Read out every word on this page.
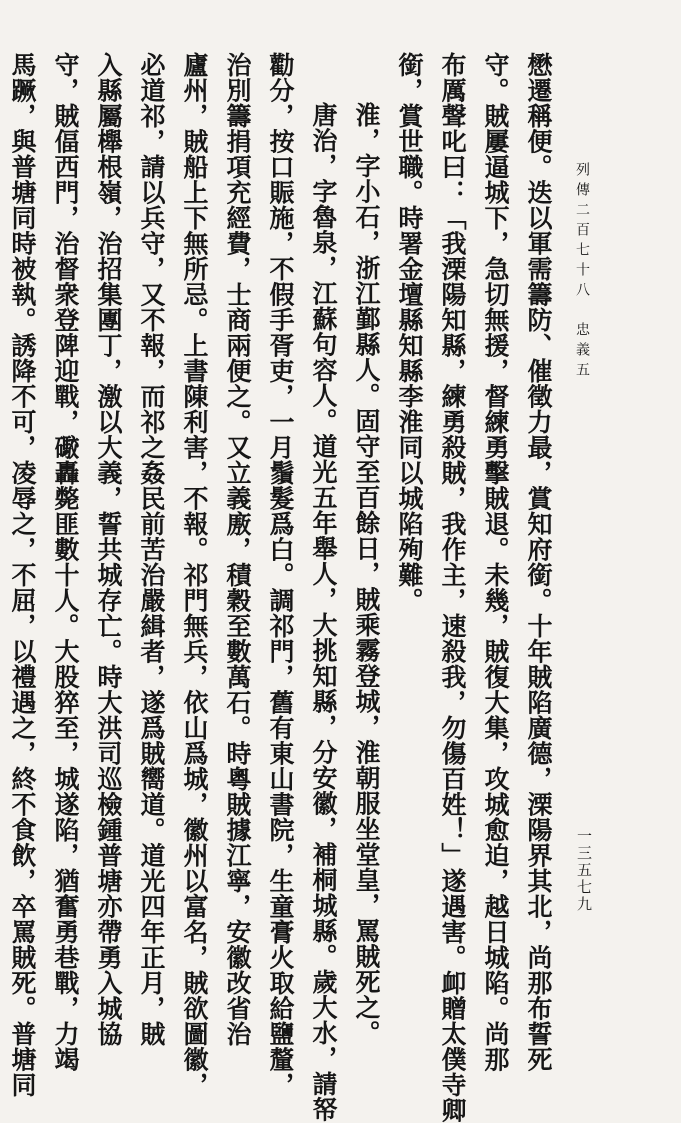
懋遷稱便。迭以軍需籌防、催徵力最，賞知府銜。十年賊陷廣德，溧陽界其北，尚那布誓死
守。賊屢逼城下，急切無援，督練勇擊賊退。未幾，賊復大集，攻城愈迫，越日城陷。尚那
布厲聲叱曰：「我溧陽知縣，練勇殺賊，我作主，速殺我，勿傷百姓！」遂遇害。卹贈太僕寺卿
銜，賞世職。時署金壇縣知縣李淮同以城陷殉難。
淮，字小石，浙江鄞縣人。固守至百餘日，賊乘霧登城，淮朝服坐堂皇，罵賊死之。
唐治，字魯泉，江蘇句容人。道光五年舉人，大挑知縣，分安徽，補桐城縣。歲大水，請帑
勸分，按口賑施，不假手胥吏，一月鬚髮爲白。調祁門，舊有東山書院，生童膏火取給鹽釐，
治別籌捐項充經費，士商兩便之。又立義廒，積穀至數萬石。時粵賊據江寧，安徽改省治
廬州，賊船上下無所忌。上書陳利害，不報。祁門無兵，依山爲城，徽州以富名，賊欲圖徽，
必道祁，請以兵守，又不報，而祁之姦民前苦治嚴緝者，遂爲賊嚮道。道光四年正月，賊
入縣屬櫸根嶺，治招集團丁，激以大義，誓共城存亡。時大洪司巡檢鍾普塘亦帶勇入城協
守，賊偪西門，治督衆登陴迎戰，礮轟斃匪數十人。大股猝至，城遂陷，猶奮勇巷戰，力竭
馬蹶，與普塘同時被執。誘降不可，凌辱之，不屈，以禮遇之，終不食飲，卒罵賊死。普塘同	列傳二百七十八　忠義五
一三五七九
